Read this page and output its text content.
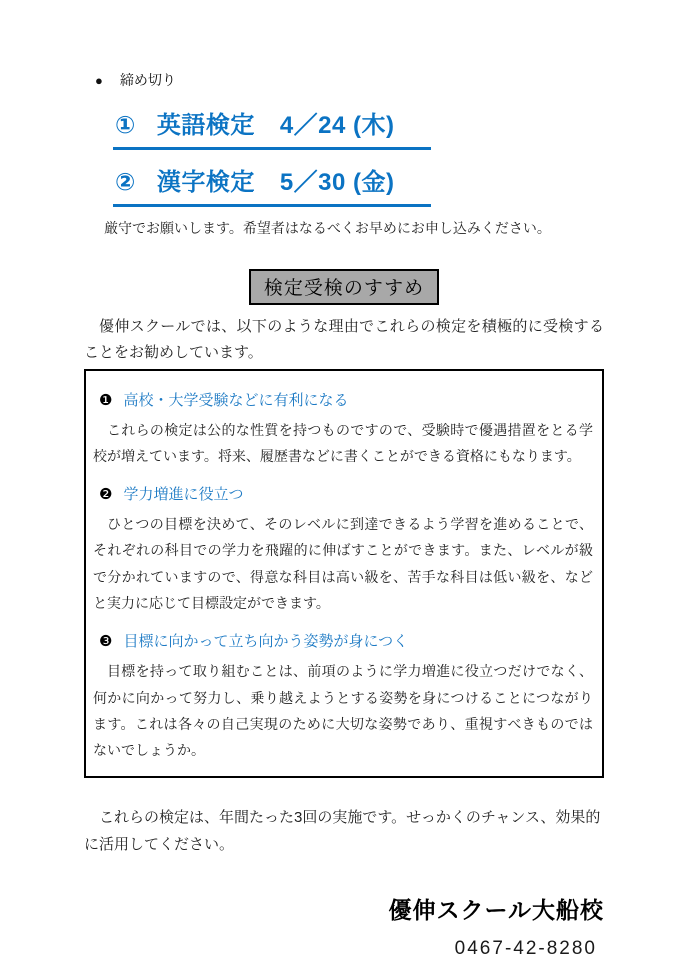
● 締め切り
① 英語検定 4／24 (木)
② 漢字検定 5／30 (金)

厳守でお願いします。希望者はなるべくお早めにお申し込みください。

検定受検のすすめ

優伸スクールでは、以下のような理由でこれらの検定を積極的に受検することをお勧めしています。

❶ 高校・大学受験などに有利になる

これらの検定は公的な性質を持つものですので、受験時で優遇措置をとる学校が増えています。将来、履歴書などに書くことができる資格にもなります。

❷ 学力増進に役立つ

ひとつの目標を決めて、そのレベルに到達できるよう学習を進めることで、それぞれの科目での学力を飛躍的に伸ばすことができます。また、レベルが級で分かれていますので、得意な科目は高い級を、苦手な科目は低い級を、などと実力に応じて目標設定ができます。

❸ 目標に向かって立ち向かう姿勢が身につく

目標を持って取り組むことは、前項のように学力増進に役立つだけでなく、何かに向かって努力し、乗り越えようとする姿勢を身につけることにつながります。これは各々の自己実現のために大切な姿勢であり、重視すべきものではないでしょうか。

これらの検定は、年間たった3回の実施です。せっかくのチャンス、効果的に活用してください。

優伸スクール大船校
0467-42-8280
